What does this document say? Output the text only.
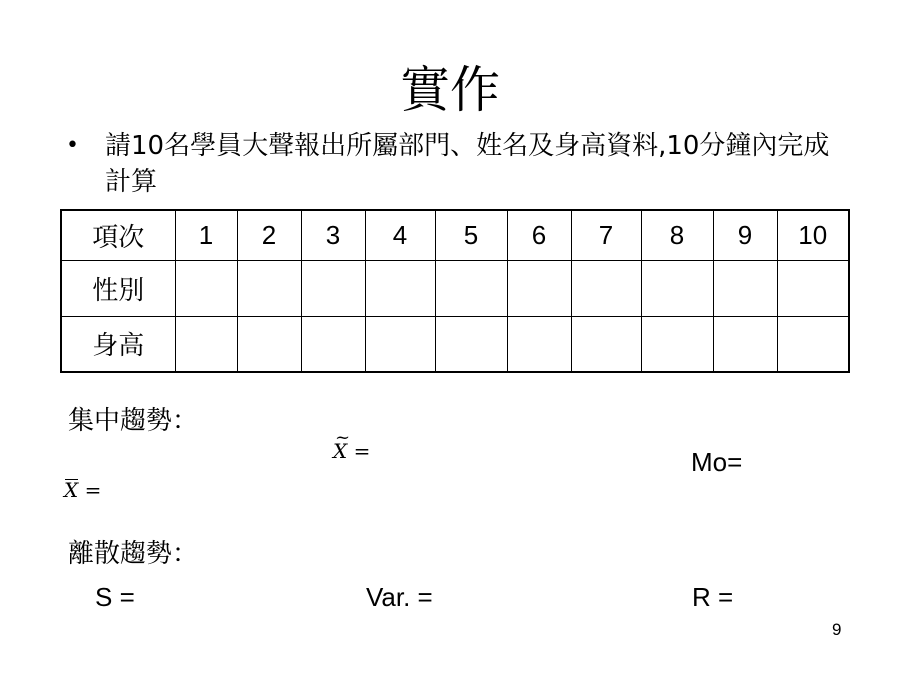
實作
• 請10名學員大聲報出所屬部門、姓名及身高資料,10分鐘內完成計算
項次	1	2	3	4	5	6	7	8	9	10
性別										
身高										
集中趨勢：
~ X =	Mo=
X =
離散趨勢：
S =	Var. =	R =
9
